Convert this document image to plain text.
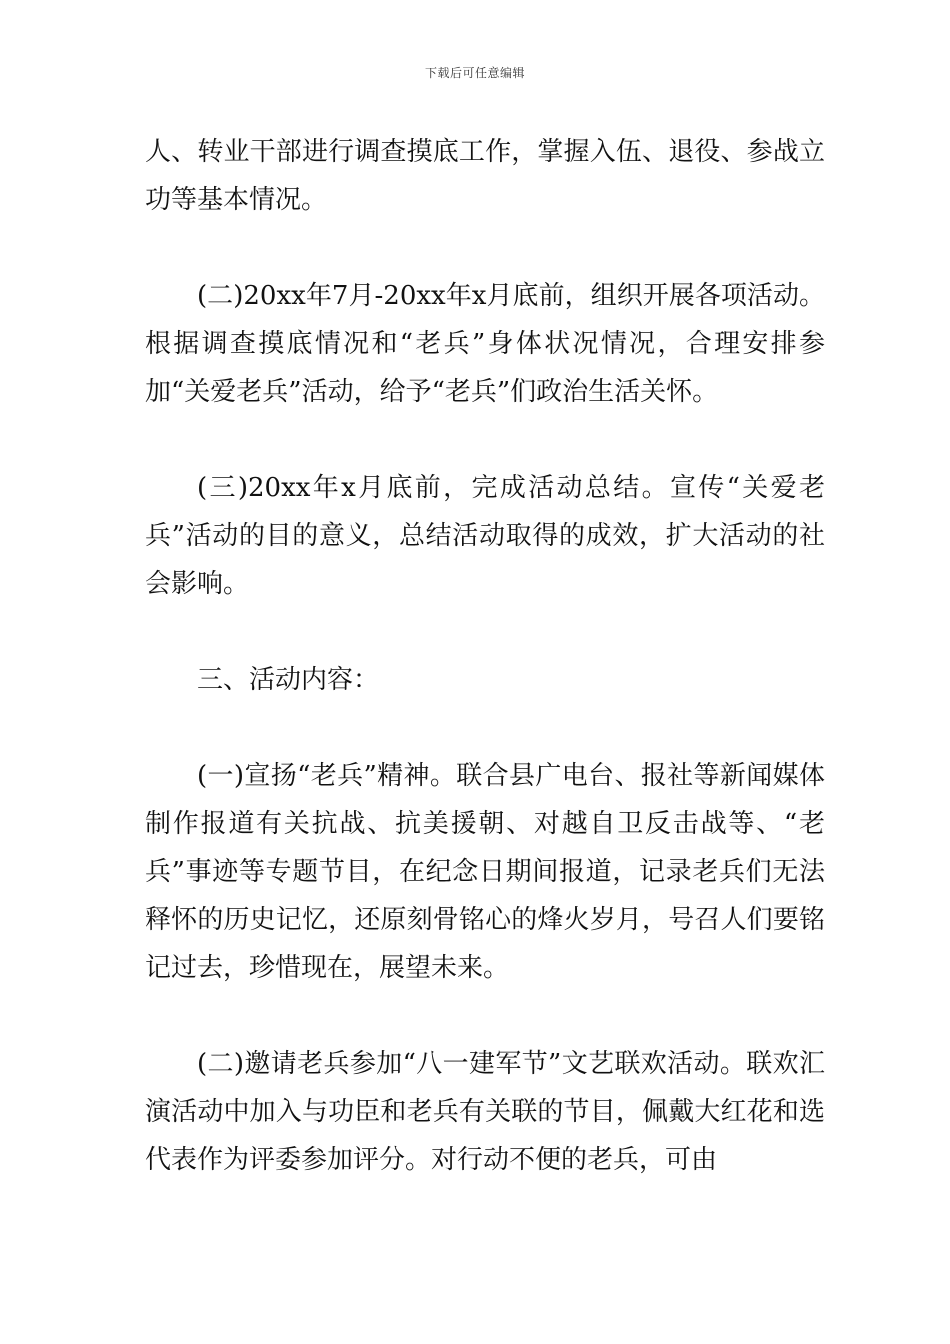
下载后可任意编辑

人、转业干部进行调查摸底工作，掌握入伍、退役、参战立功等基本情况。

(二)20xx年7月-20xx年x月底前，组织开展各项活动。根据调查摸底情况和“老兵”身体状况情况，合理安排参加“关爱老兵”活动，给予“老兵”们政治生活关怀。

(三)20xx年x月底前，完成活动总结。宣传“关爱老兵”活动的目的意义，总结活动取得的成效，扩大活动的社会影响。

三、活动内容：

(一)宣扬“老兵”精神。联合县广电台、报社等新闻媒体制作报道有关抗战、抗美援朝、对越自卫反击战等、“老兵”事迹等专题节目，在纪念日期间报道，记录老兵们无法释怀的历史记忆，还原刻骨铭心的烽火岁月，号召人们要铭记过去，珍惜现在，展望未来。

(二)邀请老兵参加“八一建军节”文艺联欢活动。联欢汇演活动中加入与功臣和老兵有关联的节目，佩戴大红花和选代表作为评委参加评分。对行动不便的老兵，可由
